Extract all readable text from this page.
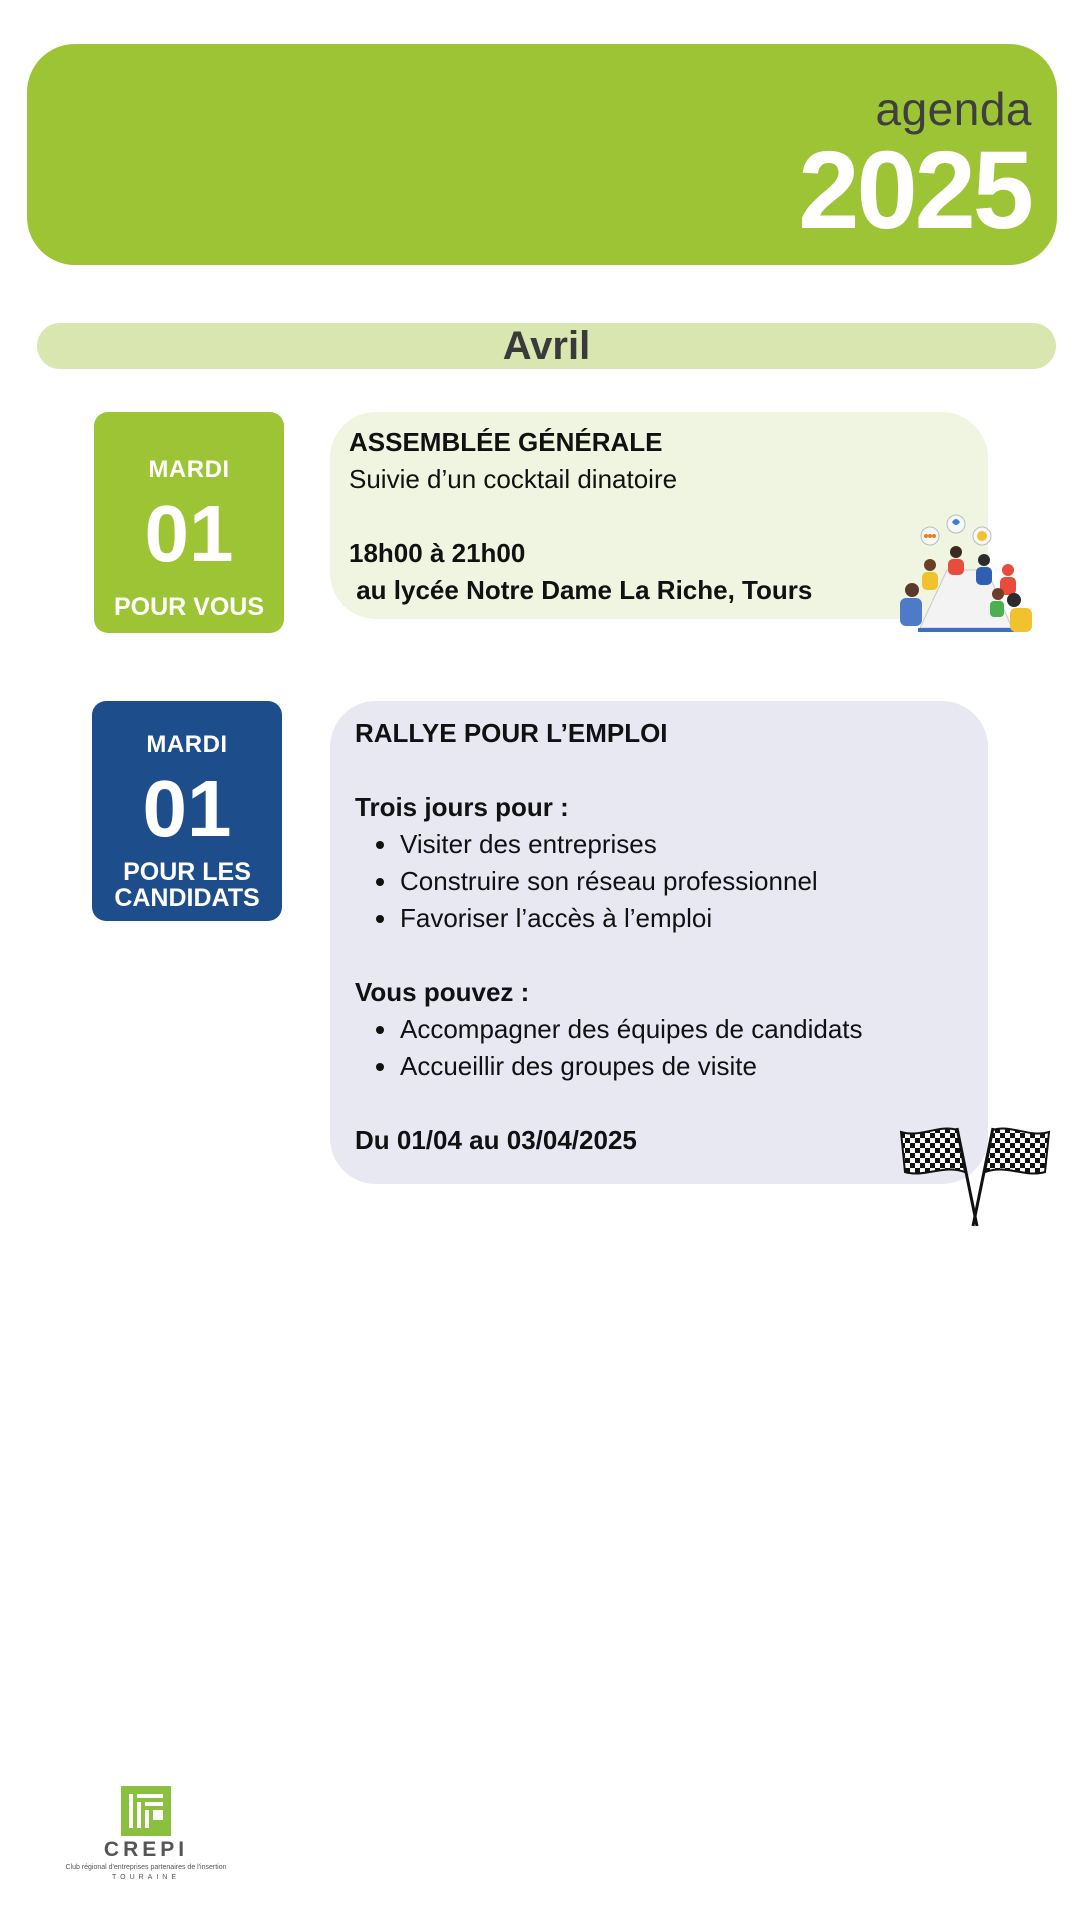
agenda
2025
Avril
MARDI
01
POUR VOUS
ASSEMBLÉE GÉNÉRALE
Suivie d’un cocktail dinatoire
18h00 à 21h00
au lycée Notre Dame La Riche, Tours
MARDI
01
POUR LES
CANDIDATS
RALLYE POUR L’EMPLOI
Trois jours pour :
Visiter des entreprises
Construire son réseau professionnel
Favoriser l’accès à l’emploi
Vous pouvez :
Accompagner des équipes de candidats
Accueillir des groupes de visite
Du 01/04 au 03/04/2025
CREPI
Club régional d'entreprises partenaires de l'insertion
TOURAINE
